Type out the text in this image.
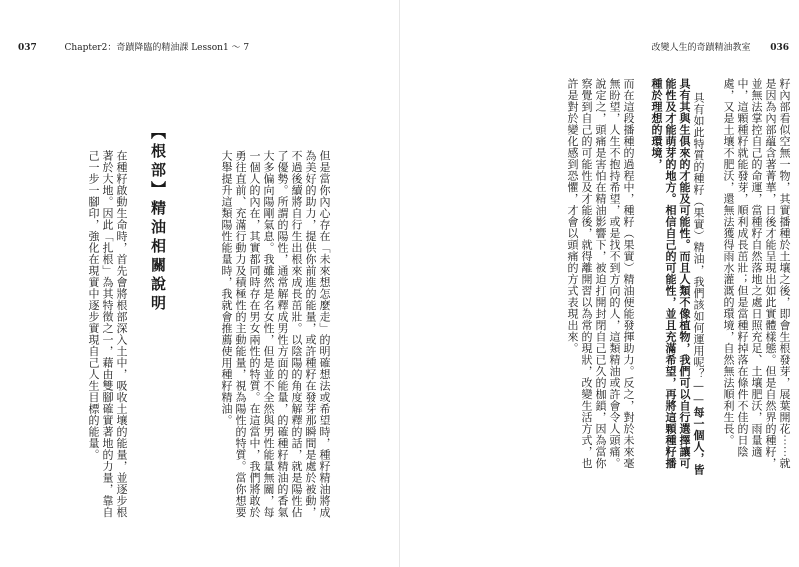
037	Chapter2：奇蹟降臨的精油課 Lesson1 ～ 7
但是當你內心存在「未來想怎麼走」的明確想法或希望時，種籽精油將成為美好的助力，提供你前進的能量，或許種籽在發芽那瞬間是處於被動，不過後續將自行生出根來成長茁壯。以陰陽的角度解釋的話，就是陽性佔了優勢。所謂的陽性，通常解釋成男性方面的能量，的確種籽精油的香氣大多偏向陽剛氣息。我雖然是名女性，但是並不全然與男性能量無關，每一個人的內在，其實都同時存在男女兩性的特質。在這當中，我們將敢於勇往直前、充滿行動力及積極性的主動能量，視為陽性的特質。當你想要大舉提升這類陽性能量時，我就會推薦使用種籽精油。
【根部】精油相關說明
在種籽啟動生命時，首先會將根部深入土中，吸收土壤的能量，並逐步根著於大地。因此「扎根」為其特徵之一，藉由雙腳確實著地的力量，靠自己一步一腳印，強化在現實中逐步實現自己人生目標的能量。
改變人生的奇蹟精油教室 036
籽內部看似空無一物，其實播種於土壤之後，即會生根發芽，展葉開花⋯⋯就是因為內部蘊含著菁華，日後才能呈現出如此實體樣態。但是自然界的種籽，並無法掌控自己的命運，當種籽自然落地之處日照充足、土壤肥沃，雨量適中，這顆種籽就能發芽，順利成長茁壯；但是當種籽掉落在條件不佳的日陰處，又是土壤不肥沃，還無法獲得雨水灌溉的環境，自然無法順利生長。
具有如此特質的種籽（果實）精油，我們該如何運用呢？——每一個人，皆具有其與生俱來的才能及可能性。而且人類不像植物，我們可以自行選擇讓可能性及才能萌芽的地方。相信自己的可能性，並且充滿希望，再將這顆種籽播種於理想的環境，
而在這段播種的過程中，種籽（果實）精油便能發揮助力。反之，對於未來毫無盼望，人生不抱持希望，或是找不到方向的人，這類精油或許會令人頭痛。說定之，頭痛是害怕在精油影響下，被迫打開封閉自己已久的枷鎖，因為當你察覺到自己的可能性及才能後，就得離開習以為常的現狀，改變生活方式，也許是對於變化感到恐懼，才會以頭痛的方式表現出來。
